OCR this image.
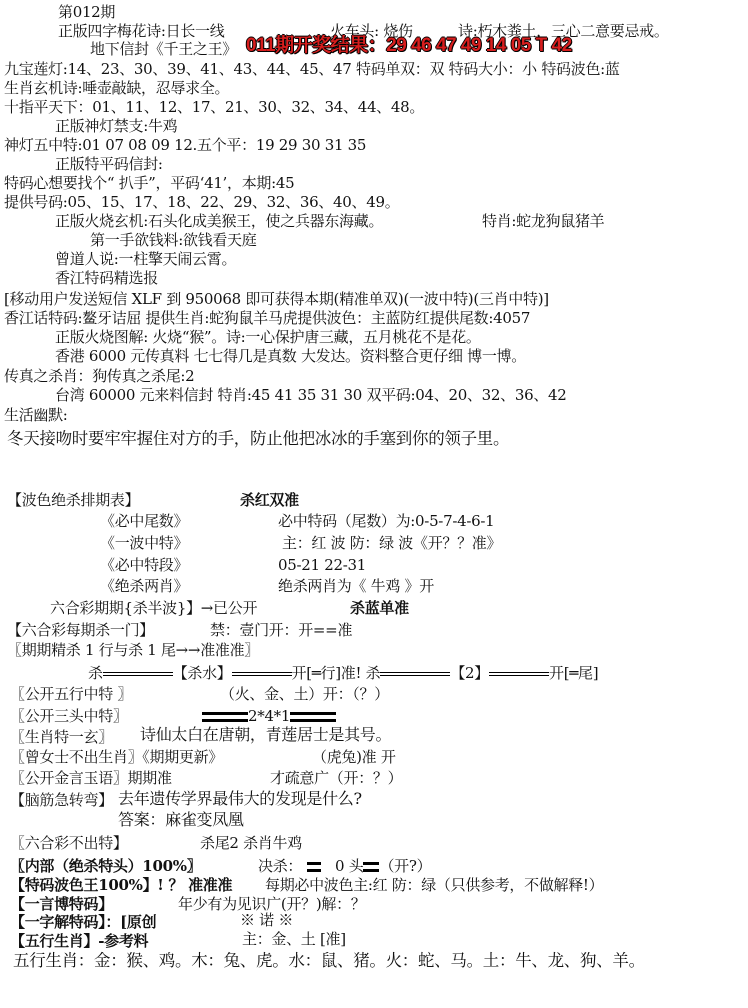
第012期
正版四字梅花诗:日长一线	火车头: 烧伤	诗:朽木粪土，三心二意要忌戒。
地下信封《千王之王》 011期开奖结果：29 46 47 49 14 05 T 42
九宝莲灯:14、23、30、39、41、43、44、45、47 特码单双：双 特码大小：小 特码波色:蓝
生肖玄机诗:唾壶敲缺，忍辱求全。
十指平天下：01、11、12、17、21、30、32、34、44、48。
正版神灯禁支:牛鸡
神灯五中特:01 07 08 09 12.五个平：19 29 30 31 35
正版特平码信封:
特码心想要找个“ 扒手”，平码‘41’，本期:45
提供号码:05、15、17、18、22、29、32、36、40、49。
正版火烧玄机:石头化成美猴王，使之兵器东海藏。	特肖:蛇龙狗鼠猪羊
第一手欲钱料:欲钱看天庭
曾道人说:一柱擎天闹云霄。
香江特码精选报
[移动用户发送短信 XLF 到 950068 即可获得本期(精准单双)(一波中特)(三肖中特)]
香江话特码:鳌牙诘屈 提供生肖:蛇狗鼠羊马虎提供波色：主蓝防红提供尾数:4057
正版火烧图解: 火烧“猴”。诗:一心保护唐三藏，五月桃花不是花。
香港 6000 元传真料 七七得几是真数 大发达。资料整合更仔细 博一博。
传真之杀肖：狗传真之杀尾:2
台湾 60000 元来料信封 特肖:45 41 35 31 30 双平码:04、20、32、36、42
生活幽默:
冬天接吻时要牢牢握住对方的手，防止他把冰冰的手塞到你的领子里。
【波色绝杀排期表】	杀红双准
《必中尾数》	必中特码（尾数）为:0-5-7-4-6-1
《一波中特》	主：红 波 防：绿 波《开？？准》
《必中特段》	05-21 22-31
《绝杀两肖》	绝杀两肖为《 牛鸡 》开
六合彩期期{杀半波}】→已公开	杀蓝单准
【六合彩每期杀一门】	禁：壹门开：开==准
〖期期精杀 1 行与杀 1 尾→→准准准〗
杀	【杀水】	开[═行]准! 杀	【2】	开[═尾]
〖公开五行中特 〗	（火、金、土）开：（？）
〖公开三头中特〗	2*4*1
〖生肖特一玄〗 诗仙太白在唐朝，青莲居士是其号。
〖曾女士不出生肖〗《期期更新》	（虎兔)准 开
〖公开金言玉语〗期期准	才疏意广（开：？）
【脑筋急转弯】 去年遗传学界最伟大的发现是什么?
答案：麻雀变凤凰
〖六合彩不出特】	杀尾2 杀肖牛鸡
〖内部（绝杀特头）100%〗	决杀： 0 头 （开?）
【特码波色王100%】! ？ 准准准 每期必中波色主:红 防：绿（只供参考，不做解释!）
【一言博特码】	年少有为见识广(开？)解：？
【一字解特码】：[原创	※ 诺 ※
【五行生肖】-参考料	主：金、土 [准]
五行生肖：金：猴、鸡。木：兔、虎。水：鼠、猪。火：蛇、马。土：牛、龙、狗、羊。
